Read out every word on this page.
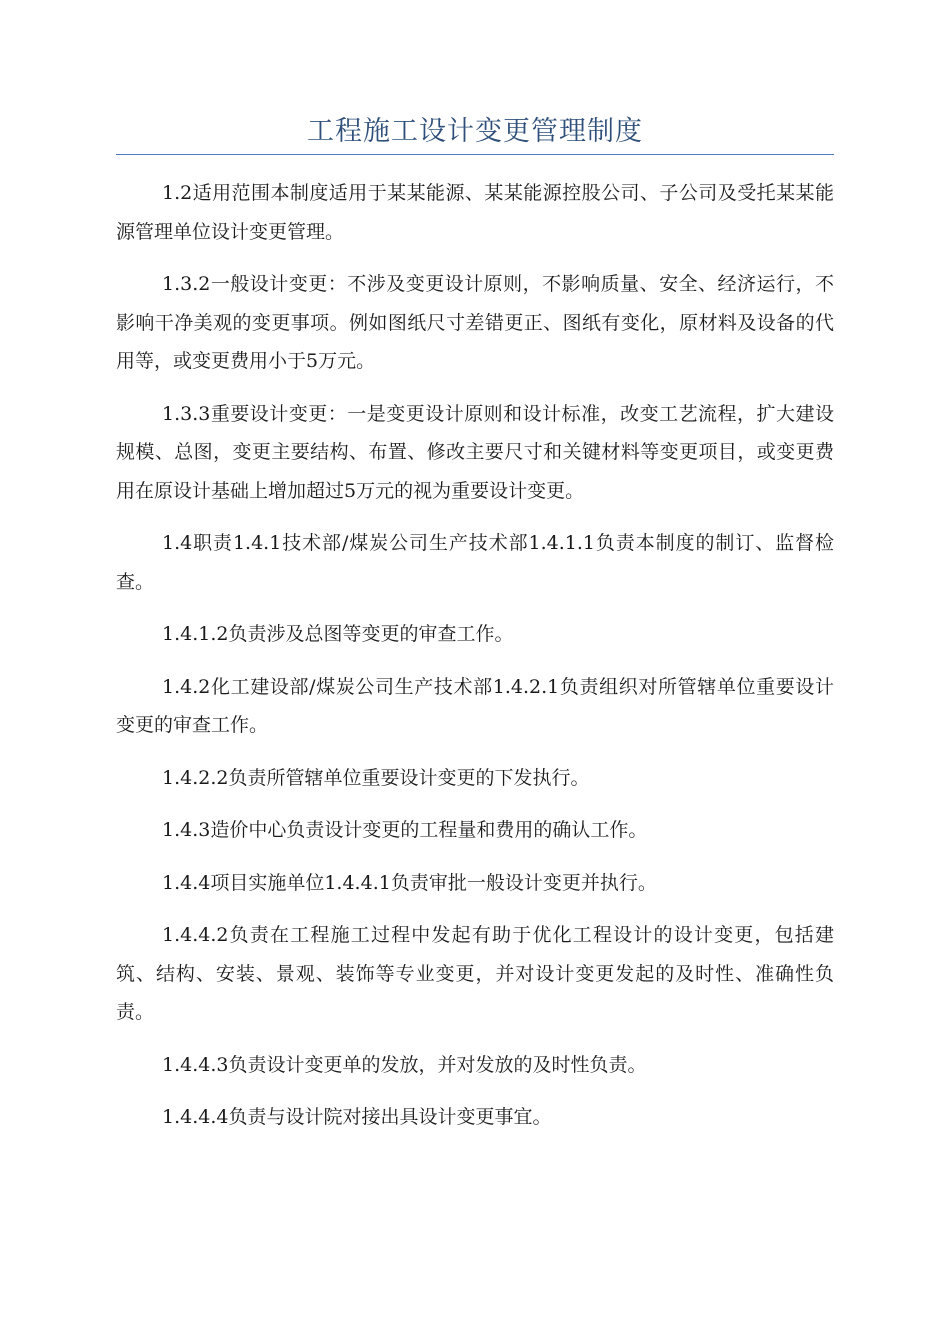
工程施工设计变更管理制度

1.2适用范围本制度适用于某某能源、某某能源控股公司、子公司及受托某某能源管理单位设计变更管理。

1.3.2一般设计变更：不涉及变更设计原则，不影响质量、安全、经济运行，不影响干净美观的变更事项。例如图纸尺寸差错更正、图纸有变化，原材料及设备的代用等，或变更费用小于5万元。

1.3.3重要设计变更：一是变更设计原则和设计标准，改变工艺流程，扩大建设规模、总图，变更主要结构、布置、修改主要尺寸和关键材料等变更项目，或变更费用在原设计基础上增加超过5万元的视为重要设计变更。

1.4职责1.4.1技术部/煤炭公司生产技术部1.4.1.1负责本制度的制订、监督检查。

1.4.1.2负责涉及总图等变更的审查工作。

1.4.2化工建设部/煤炭公司生产技术部1.4.2.1负责组织对所管辖单位重要设计变更的审查工作。

1.4.2.2负责所管辖单位重要设计变更的下发执行。

1.4.3造价中心负责设计变更的工程量和费用的确认工作。

1.4.4项目实施单位1.4.4.1负责审批一般设计变更并执行。

1.4.4.2负责在工程施工过程中发起有助于优化工程设计的设计变更，包括建筑、结构、安装、景观、装饰等专业变更，并对设计变更发起的及时性、准确性负责。

1.4.4.3负责设计变更单的发放，并对发放的及时性负责。

1.4.4.4负责与设计院对接出具设计变更事宜。
